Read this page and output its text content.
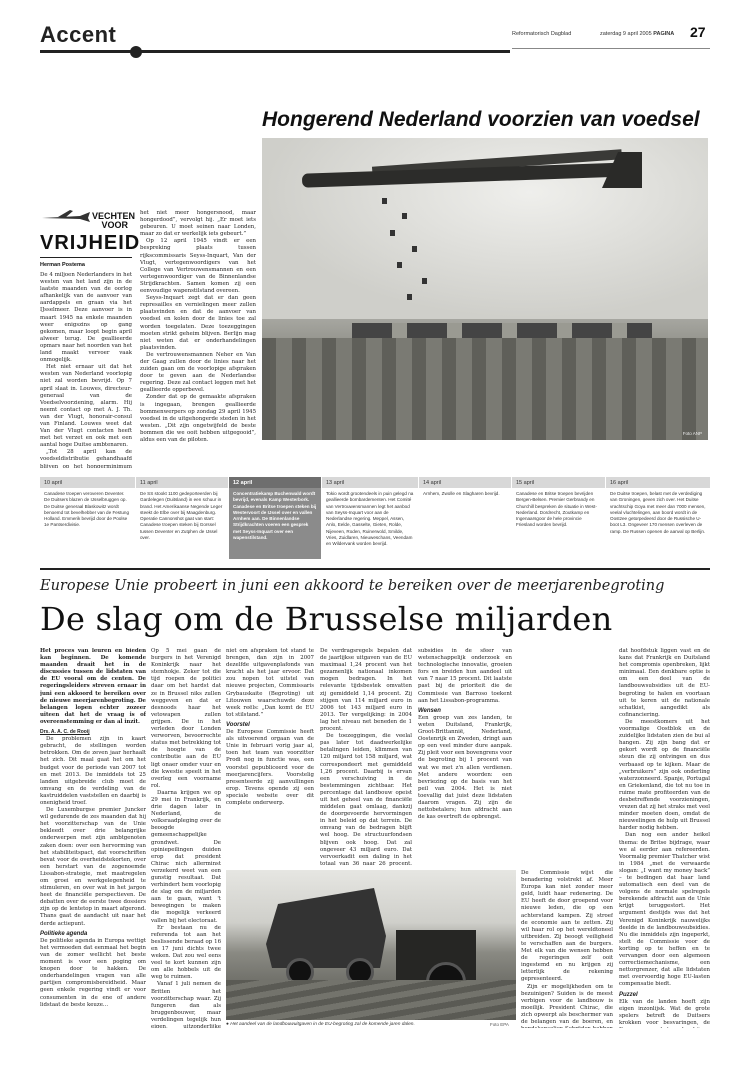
Accent	Reformatorisch Dagblad	zaterdag 9 april 2005 PAGINA 27
Hongerend Nederland voorzien van voedsel
Foto ANP
VECHTEN VOOR
VRIJHEID
Herman Postema

De 4 miljoen Nederlanders in het westen van het land zijn in de laatste maanden van de oorlog afhankelijk van de aanvoer van aardappels en graan via het IJsselmeer. Deze aanvoer is in maart 1945 na enkele maanden weer enigszins op gang gekomen, maar loopt begin april alweer terug. De geallieerde opmars naar het noorden van het land maakt vervoer vaak onmogelijk.

Het niet ernaar uit dat het westen van Nederland voorlopig niet zal worden bevrijd. Op 7 april slaat in. Louwes, directeur-generaal van de Voedselvoorziening, alarm. Hij neemt contact op met A. J. Th. van der Vlugt, honorair-consul van Finland. Louwes weet dat Van der Vlugt contacten heeft met het verzet en ook met een aantal hoge Duitse ambtenaren.

„Tot 28 april kan de voedseldistributie gehandhaafd blijven op het hongerminimum

het niet meer hongersnood, maar hongerdood”, vervolgt hij. „Er moet iets gebeuren. U moet seinen naar Londen, maar zo dat er werkelijk iets gebeurt.”

Op 12 april 1945 vindt er een bespreking plaats tussen rijkscommissaris Seyss-Inquart, Van der Vlugt, vertegenwoordigers van het College van Vertrouwensmannen en een vertegenwoordiger van de Binnenlandse Strijdkrachten. Samen komen zij een eenvoudige wapenstilstand overeen.

Seyss-Inquart zegt dat er dan geen represailles en vernielingen meer zullen plaatsvinden en dat de aanvoer van voedsel en kolen door de linies toe zal worden toegelaten. Deze toezeggingen moeten strikt geheim blijven. Berlijn mag niet weten dat er onderhandelingen plaatsvinden.

De vertrouwensmannen Neher en Van der Gaag zullen door de linies naar het zuiden gaan om de voorlopige afspraken door te geven aan de Nederlandse regering. Deze zal contact leggen met het geallieerde opperbevel.

Zonder dat op de gemaakte afspraken is ingegaan, brengen geallieerde bommenwerpers op zondag 29 april 1945 voedsel in de uitgehongerde steden in het westen. „Dit zijn ongetwijfeld de beste bommen die we ooit hebben uitgegooid”, aldus een van de piloten.

10 april
Canadese troepen veroveren Deventer. De Duitsers blazen de IJsselbruggen op. De Duitse generaal Blaskowitz wordt benoemd tot bevelhebber van de Festung Holland. Emmerik bevrijd door de Poolse 1e Pantserdivisie.
11 april
De SS stookt 1100 gedeporteerden bij Gardelegen (Duitsland) in een schuur in brand. Het Amerikaanse Negende Leger steekt de Elbe over bij Maagdenburg. Operatie Cannonshot gaat van start: Canadese troepen steken bij Gorssel tussen Deventer en Zutphen de IJssel over.
12 april
Concentratiekamp Buchenwald wordt bevrijd, evenals Kamp Westerbork. Canadese en Britse troepen steken bij Westervoort de IJssel over en vallen Arnhem aan. De Binnenlandse Strijdkrachten voeren een gesprek met Seyss-Inquart over een wapenstilstand.
13 april
Tokio wordt grootendeels in puin gelegd na geallieerde bombardementen. Het Comité van Vertrouwensmannen legt het aanbod van Seyss-Inquart voor aan de Nederlandse regering. Meppel, Assen, Anlo, Eelde, Gasselte, Gieten, Rolde, Nijeveen, Roden, Ruinerwold, Smilde, Vries, Zuidlaren, Nieuweschans, Veendam en Wildervank worden bevrijd.
14 april
Arnhem, Zwolle en Slagharen bevrijd.
15 april
Canadese en Britse troepen bevrijden Bergen-Belsen. Premier Gerbrandy en Churchill bespreken de situatie in West-Nederland. Dordrecht, Zoutkamp en Ingenaarsgoor de hele provincie Friesland worden bevrijd.
16 april
De Duitse troepen, belast met de verdediging van Groningen, geven zich over. Het Duitse vrachtschip Goya met meer dan 7000 mensen, veelal vluchtelingen, aan boord wordt in de Oostzee getorpedeerd door de Russische U-boot L3. Ongeveer 170 mensen overleven de ramp. De Russen openen de aanval op Berlijn.
Europese Unie probeert in juni een akkoord te bereiken over de meerjarenbegroting
De slag om de Brusselse miljarden

Het proces van leuren en bieden kan beginnen. De komende maanden draait het in de discussies tussen de lidstaten van de EU vooral om de centen. De regeringsleiders streven ernaar in juni een akkoord te bereiken over de nieuwe meerjarenbegroting. De belangen lopen echter zozeer uiteen dat het de vraag is of overeenstemming er dan al inzit.

Drs. A. A. C. de Rooij

De problemen zijn in kaart gebracht, de stellingen worden betrokken. Om de zeven jaar herhaalt het zich. Dit maal gaat het om het budget voor de periode van 2007 tot en met 2013. De inmiddels tot 25 landen uitgebreide club moet de omvang en de verdeling van de kastruiddelen vaststellen en daarbij is onenigheid troef.

De Luxemburgse premier Juncker wil gedurende de zes maanden dat hij het voorzitterschap van de Unie bekleedt over drie belangrijke onderwerpen met zijn ambtgenoten zaken doen: over een hervorming van het stabiliteitspact, dat voorschriften bevat voor de overheidstekorten, over een herstart van de zogenoemde Lissabon-strategie, met maatregelen om groei en werkgelegenheid te stimuleren, en over wat in het jargon heet de financiële perspectieven. De debatten over de eerste twee dossiers zijn op de lentetop in maart afgerond. Thans gaat de aandacht uit naar het derde actiepunt.

Politieke agenda

De politieke agenda in Europa wettigt het vermoeden dat eenmaal het begin van de zomer wellicht het beste moment is voor een poging om knopen door te hakken. De onderhandelingen vragen van alle partijen compromisbereidheid. Maar geen enkele regering vindt er voor consumenten in de ene of andere lidstaat de beste keuze...

Op 5 mei gaan de burgers in het Verenigd Koninkrijk naar het stemhokje. Zeker tot die tijd roepen de politici daar om het hardst dat ze in Brussel niks zullen weggeven en dat er desnoods haar het vetowapen zullen grijpen. De in het verleden door Londen verworven, bevoorrechte status met betrekking tot de hoogte van de contributie aan de EU ligt onaer omder vuur en die kwestie speelt in het overleg een voorname rol.

Daarna krijgen we op 29 mei in Frankrijk, en drie dagen later in Nederland, de volksraadpleging over de beoogde gemeenschappelijke grondwet. De opiniepeilingen duiden erop dat president Chirac nich allerminst verzekerd weet van een gunstig resultaat. Dat verhindert hem voorlopig de slag om de miljarden aan te gaan, want 't bewegingen te maken die mogelijk verkeerd vallen bij het electoraat.

Er bestaan nu de referenda tot aan het beslissende beraad op 16 en 17 juni dichts twee weken. Dat zou wel eens veel te kort kunnen zijn om alle hobbels uit de weg te ruimen.

Vanaf 1 juli nemen de Britten het voorzitterschap waar. Zij fungeren dan als bruggenbouwer, maar verdelingen tegelijk hun eigen, uitzonderlijke

niet om afspraken tot stand te brengen, dan zijn in 2007 dezelfde uitgavenplafonds van kracht als het jaar ervoor. Dat zou nopen tot uitstel van nieuwe projecten, Commissaris Grybauskaite (Begroting) uit Litouwen waarschuwde deze week reëls: „Dan komt de EU tot stilstand.”

Voorstel

De Europese Commissie heeft als uitvoerend orgaan van de Unie in februari vorig jaar al, toen het team van voorzitter Prodi nog in functie was, een voorstel gepubliceerd voor de meerjarencijfers. Voorstelig presenteerde zij aanvullingen erop. Tevens opende zij een speciale website over dit complete onderwerp.

De verdragsregels bepalen dat de jaarlijkse uitgaven van de EU maximaal 1,24 procent van het gezamenlijk nationaal inkomen mogen bedragen. In het relevante tijdsbestek omvatten zij gemiddeld 1,14 procent. Zij stijgen van 114 miljard euro in 2006 tot 143 miljard euro in 2013. Ter vergelijking: in 2004 lag het niveau net beneden de 1 procent.

De toezeggingen, die veelal pas later tot daadwerkelijke betalingen leiden, klimmen van 120 miljard tot 158 miljard, wat correspondeert met gemiddeld 1,26 procent. Daarbij is ervan een verschuiving in de bestemmingen zichtbaar. Het percentage dat landbouw opeist uit het geheel van de financiële middelen gaat omlaag, dankzij de doorgevoerde hervormingen in het beleid op dat terrein. De omvang van de bedragen blijft wel hoog. De structuurfondsen blijven ook hoog. Dat zal ongeveer 43 miljard euro. Dat vervoerkadit een daling in het totaal van 36 naar 26 procent.

subsidies in de sfeer van wetenschappelijk onderzoek en technologische innovatie, groeien fors en breiden hun aandeel uit van 7 naar 15 procent. Dit laatste past bij de prioriteit die de Commissie van Barroso toekent aan het Lissabon-programma.

Wensen

Een groep van zes landen, te weten Duitsland, Frankrijk, Groot-Brittannië, Nederland, Oostenrijk en Zweden, dringt aan op een veel minder dure aanpak. Zij pleit voor een bovengrens voor de begroting bij 1 procent van wat we met z'n allen verdienen. Met andere woorden: een bevriezing op de basis van het peil van 2004. Het is niet toevallig dat juist deze lidstaten daarom vragen. Zij zijn de nettobetalers; hun afdracht aan de kas overtreft de opbrengst.

De Commissie wijst die benadering volstrekt af. Meer Europa kan niet zonder meer geld, luidt haar redenering. De EU heeft de door groepend voor nieuwe leden, die op een achterstand kampen. Zij stroef de economie aan te zetten. Zij wil haar rol op het wereldtoneel uitbreiden. Zij beoogt veiligheid te verschaffen aan de burgers. Met elk van die wensen hebben de regeringen zelf ooit ingestemd en nu krijgen zij letterlijk de rekening gepresenteerd.

Zijn er mogelijkheden om te bezuinigen? Suiden is de meest verbigen voor de landbouw is moeilijk. President Chirac, die zich opwerpt als beschermer van de belangen van de boeren, en

dat hoofdstuk liggen vast en de kans dat Frankrijk en Duitsland het compromis openbreken, lijkt minimaal. Een denkbare optie is om een deel van de landbouwsubsidies uit de EU-begroting te halen en voortaan uit te keren uit de nationale schatkist, aangedikt als cofinanciering.

De meestkomers uit het voormalige Oostblok en de zuidelijke lidstaten zien de bui al hangen. Zij zijn bang dat er gekort wordt op de financiële steun die zij ontvingen en dus verbaasd op te kijken. Maar de „verbruikers” zijn ook onderling waterzonneerd. Spanje, Portugal en Griekenland, die tot nu toe in ruime mate profiteerden van de desbetreffende voorzieningen, vrezen dat zij het straks met veel minder moeten doen, omdat de nieuwelingen de hulp uit Brussel harder nodig hebben.

Dan nog een ander heikel thema: de Britse bijdrage, waar we al eerder aan refereerden. Voormalig premier Thatcher wist in 1984 „met de verwaarde slogan: „I want my money back” – te bedingen dat haar land automatisch een deel van de volgens de normale spelregels berekende afdracht aan de Unie krijgt teruggestort. Het argument destijds was dat het Verenigd Koninkrijk nauwelijks deelde in de landbouwsubsidies. Nu die inmiddels zijn ingeperkt, stelt de Commissie voor de korting op te heffen en te vervangen door een algemeen correctiemechanisme, een nettorgrenzer, dat alle lidstaten met overvoerdig hoge EU-lasten compensatie biedt.

Puzzel

Elk van de landen hoeft zijn eigen inzonlijsk. Wat de grote spelers betreft de Duitsers krokken voor besvaringen, de

● Het aandeel van de landbouwuitgaven in de EU-begroting zal de komende jaren dalen.	Foto EPA
